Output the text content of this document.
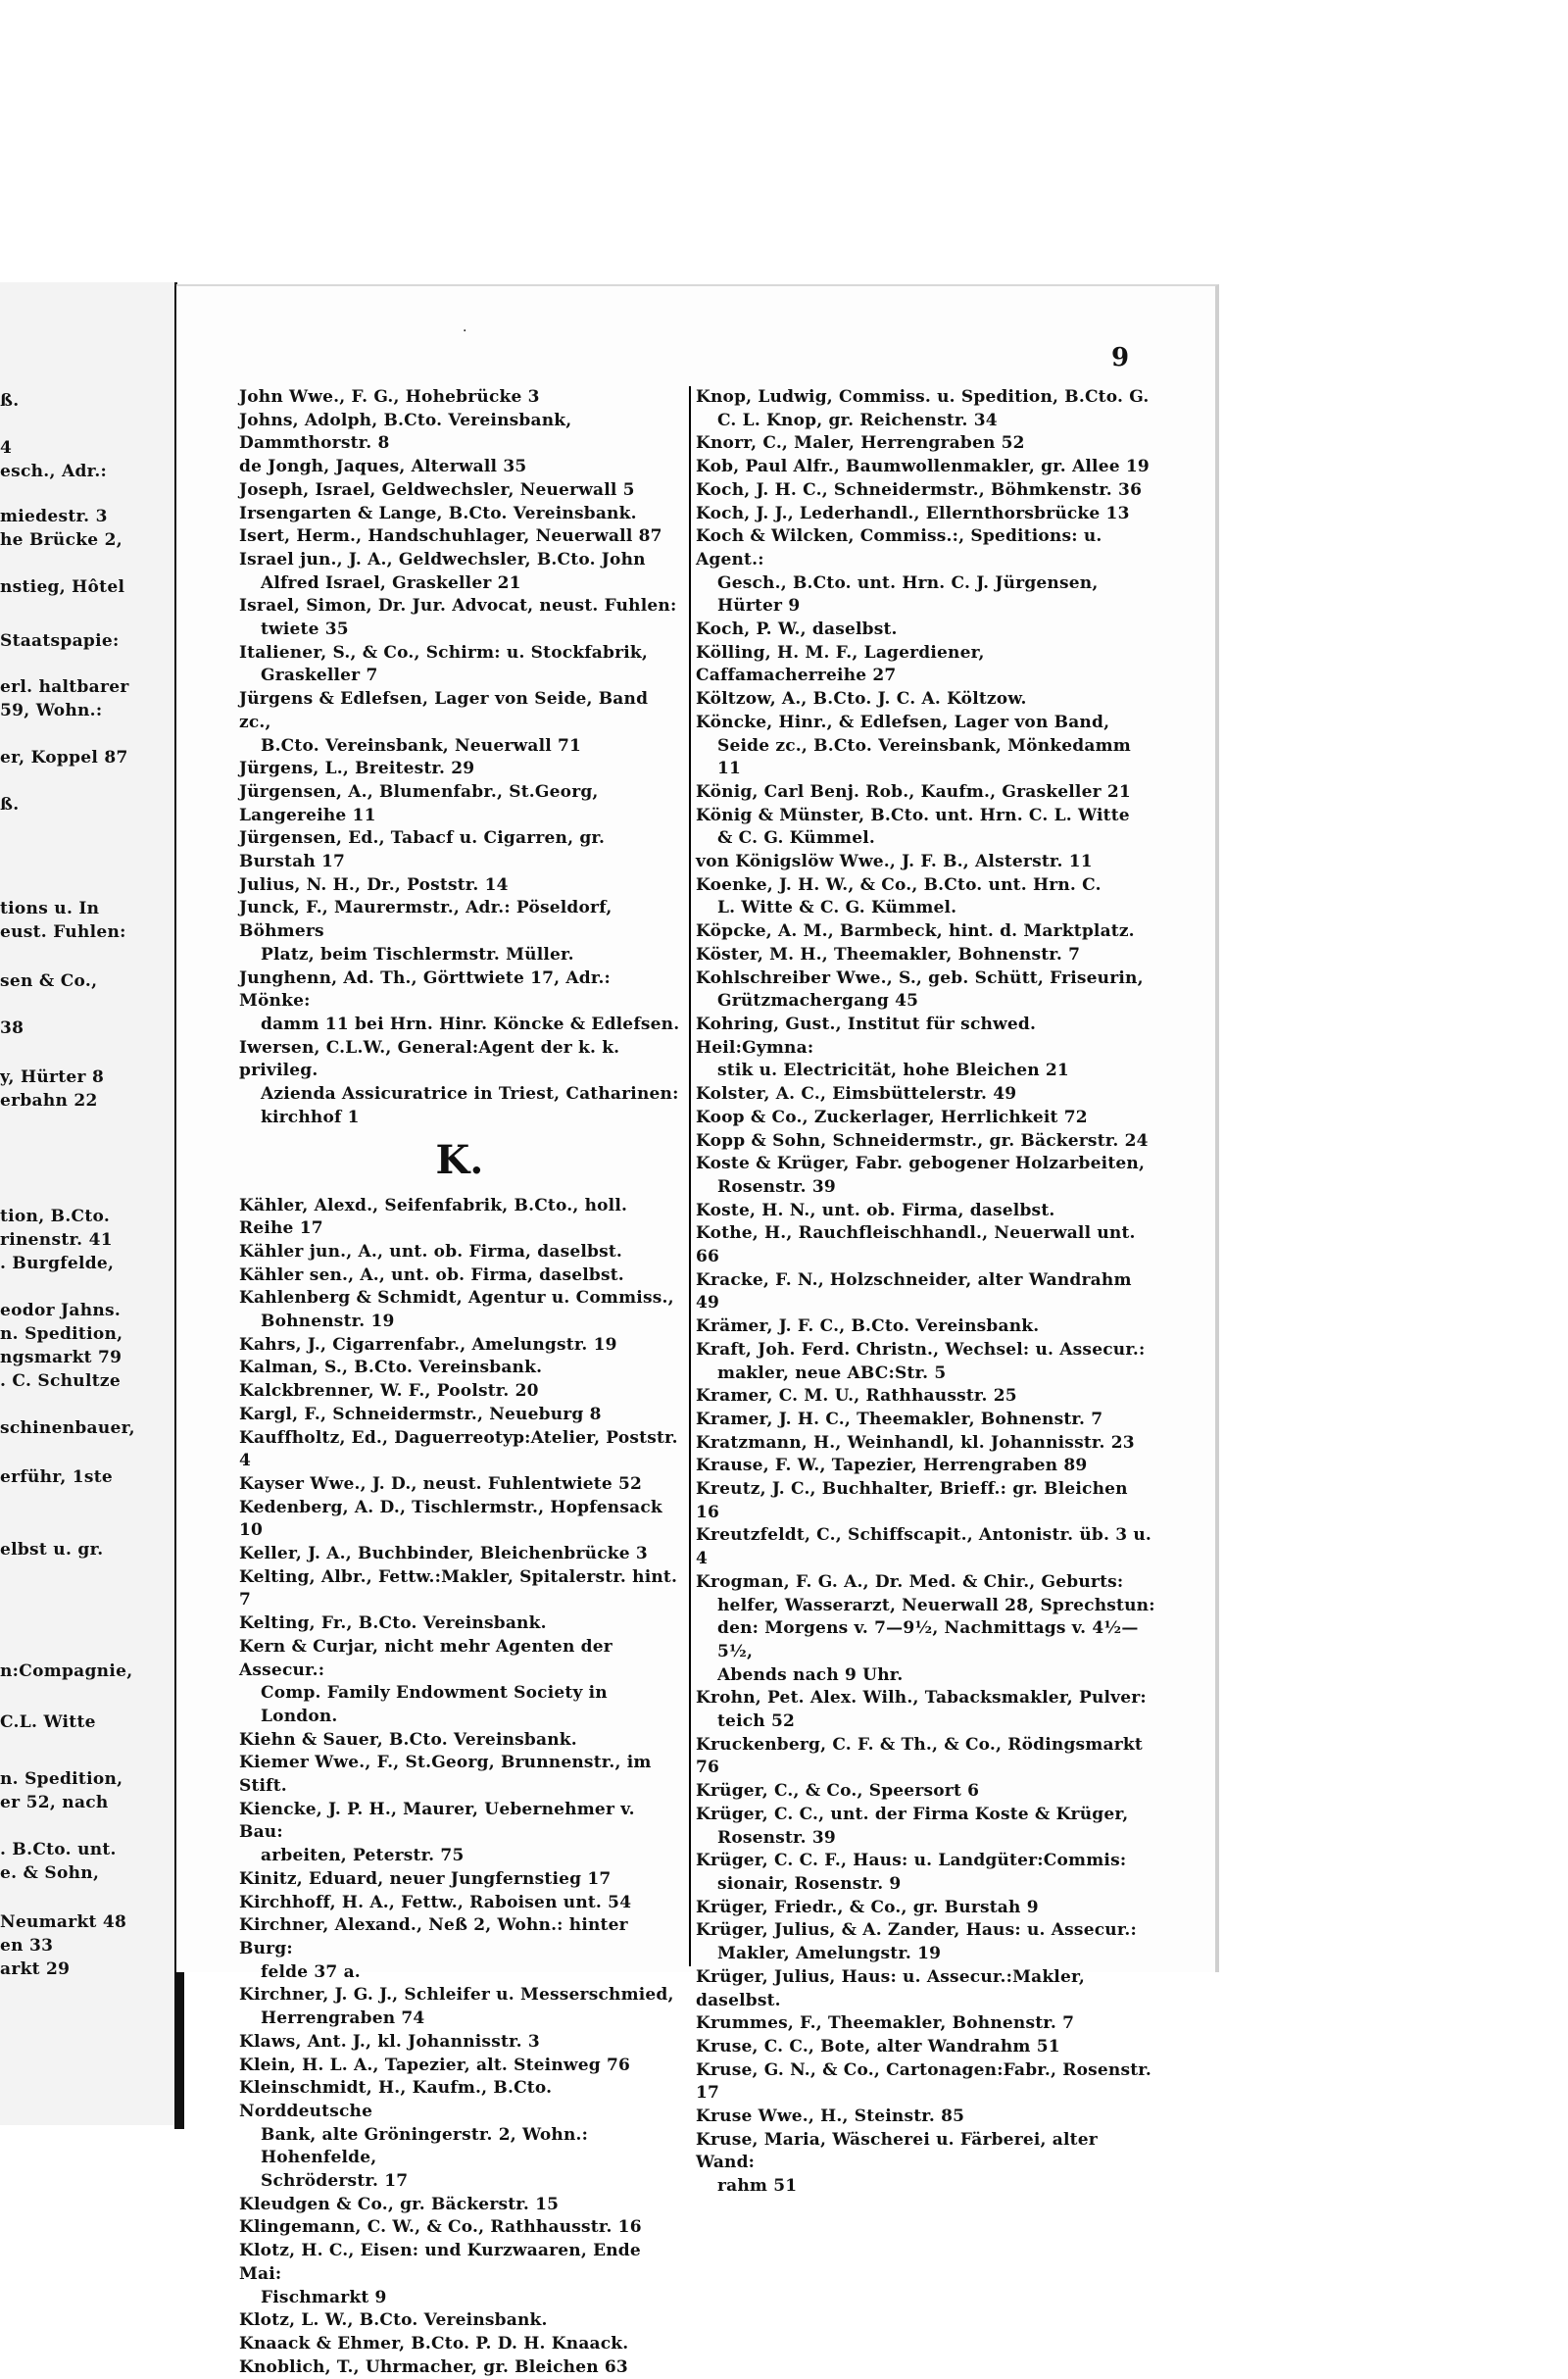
ß.
4
esch., Adr.:
miedestr. 3
he Brücke 2,
nstieg, Hôtel
Staatspapie:
erl. haltbarer
59, Wohn.:
er, Koppel 87
ß.
tions u. In
eust. Fuhlen:
sen & Co.,
38
y, Hürter 8
erbahn 22
tion, B.Cto.
rinenstr. 41
. Burgfelde,
eodor Jahns.
n. Spedition,
ngsmarkt 79
. C. Schultze
schinenbauer,
erführ, 1ste
elbst u. gr.
n:Compagnie,
C.L. Witte
n. Spedition,
er 52, nach
. B.Cto. unt.
e. & Sohn,
Neumarkt 48
en 33
arkt 29
9
·
John Wwe., F. G., Hohebrücke 3
Johns, Adolph, B.Cto. Vereinsbank, Dammthorstr. 8
de Jongh, Jaques, Alterwall 35
Joseph, Israel, Geldwechsler, Neuerwall 5
Irsengarten & Lange, B.Cto. Vereinsbank.
Isert, Herm., Handschuhlager, Neuerwall 87
Israel jun., J. A., Geldwechsler, B.Cto. John
Alfred Israel, Graskeller 21
Israel, Simon, Dr. Jur. Advocat, neust. Fuhlen:
twiete 35
Italiener, S., & Co., Schirm: u. Stockfabrik,
Graskeller 7
Jürgens & Edlefsen, Lager von Seide, Band zc.,
B.Cto. Vereinsbank, Neuerwall 71
Jürgens, L., Breitestr. 29
Jürgensen, A., Blumenfabr., St.Georg, Langereihe 11
Jürgensen, Ed., Tabacf u. Cigarren, gr. Burstah 17
Julius, N. H., Dr., Poststr. 14
Junck, F., Maurermstr., Adr.: Pöseldorf, Böhmers
Platz, beim Tischlermstr. Müller.
Junghenn, Ad. Th., Görttwiete 17, Adr.: Mönke:
damm 11 bei Hrn. Hinr. Köncke & Edlefsen.
Iwersen, C.L.W., General:Agent der k. k. privileg.
Azienda Assicuratrice in Triest, Catharinen:
kirchhof 1
K.
Kähler, Alexd., Seifenfabrik, B.Cto., holl. Reihe 17
Kähler jun., A., unt. ob. Firma, daselbst.
Kähler sen., A., unt. ob. Firma, daselbst.
Kahlenberg & Schmidt, Agentur u. Commiss.,
Bohnenstr. 19
Kahrs, J., Cigarrenfabr., Amelungstr. 19
Kalman, S., B.Cto. Vereinsbank.
Kalckbrenner, W. F., Poolstr. 20
Kargl, F., Schneidermstr., Neueburg 8
Kauffholtz, Ed., Daguerreotyp:Atelier, Poststr. 4
Kayser Wwe., J. D., neust. Fuhlentwiete 52
Kedenberg, A. D., Tischlermstr., Hopfensack 10
Keller, J. A., Buchbinder, Bleichenbrücke 3
Kelting, Albr., Fettw.:Makler, Spitalerstr. hint. 7
Kelting, Fr., B.Cto. Vereinsbank.
Kern & Curjar, nicht mehr Agenten der Assecur.:
Comp. Family Endowment Society in London.
Kiehn & Sauer, B.Cto. Vereinsbank.
Kiemer Wwe., F., St.Georg, Brunnenstr., im Stift.
Kiencke, J. P. H., Maurer, Uebernehmer v. Bau:
arbeiten, Peterstr. 75
Kinitz, Eduard, neuer Jungfernstieg 17
Kirchhoff, H. A., Fettw., Raboisen unt. 54
Kirchner, Alexand., Neß 2, Wohn.: hinter Burg:
felde 37 a.
Kirchner, J. G. J., Schleifer u. Messerschmied,
Herrengraben 74
Klaws, Ant. J., kl. Johannisstr. 3
Klein, H. L. A., Tapezier, alt. Steinweg 76
Kleinschmidt, H., Kaufm., B.Cto. Norddeutsche
Bank, alte Gröningerstr. 2, Wohn.: Hohenfelde,
Schröderstr. 17
Kleudgen & Co., gr. Bäckerstr. 15
Klingemann, C. W., & Co., Rathhausstr. 16
Klotz, H. C., Eisen: und Kurzwaaren, Ende Mai:
Fischmarkt 9
Klotz, L. W., B.Cto. Vereinsbank.
Knaack & Ehmer, B.Cto. P. D. H. Knaack.
Knoblich, T., Uhrmacher, gr. Bleichen 63
Knop, Ludwig, Commiss. u. Spedition, B.Cto. G.
C. L. Knop, gr. Reichenstr. 34
Knorr, C., Maler, Herrengraben 52
Kob, Paul Alfr., Baumwollenmakler, gr. Allee 19
Koch, J. H. C., Schneidermstr., Böhmkenstr. 36
Koch, J. J., Lederhandl., Ellernthorsbrücke 13
Koch & Wilcken, Commiss.:, Speditions: u. Agent.:
Gesch., B.Cto. unt. Hrn. C. J. Jürgensen,
Hürter 9
Koch, P. W., daselbst.
Kölling, H. M. F., Lagerdiener, Caffamacherreihe 27
Költzow, A., B.Cto. J. C. A. Költzow.
Köncke, Hinr., & Edlefsen, Lager von Band,
Seide zc., B.Cto. Vereinsbank, Mönkedamm 11
König, Carl Benj. Rob., Kaufm., Graskeller 21
König & Münster, B.Cto. unt. Hrn. C. L. Witte
& C. G. Kümmel.
von Königslöw Wwe., J. F. B., Alsterstr. 11
Koenke, J. H. W., & Co., B.Cto. unt. Hrn. C.
L. Witte & C. G. Kümmel.
Köpcke, A. M., Barmbeck, hint. d. Marktplatz.
Köster, M. H., Theemakler, Bohnenstr. 7
Kohlschreiber Wwe., S., geb. Schütt, Friseurin,
Grützmachergang 45
Kohring, Gust., Institut für schwed. Heil:Gymna:
stik u. Electricität, hohe Bleichen 21
Kolster, A. C., Eimsbüttelerstr. 49
Koop & Co., Zuckerlager, Herrlichkeit 72
Kopp & Sohn, Schneidermstr., gr. Bäckerstr. 24
Koste & Krüger, Fabr. gebogener Holzarbeiten,
Rosenstr. 39
Koste, H. N., unt. ob. Firma, daselbst.
Kothe, H., Rauchfleischhandl., Neuerwall unt. 66
Kracke, F. N., Holzschneider, alter Wandrahm 49
Krämer, J. F. C., B.Cto. Vereinsbank.
Kraft, Joh. Ferd. Christn., Wechsel: u. Assecur.:
makler, neue ABC:Str. 5
Kramer, C. M. U., Rathhausstr. 25
Kramer, J. H. C., Theemakler, Bohnenstr. 7
Kratzmann, H., Weinhandl, kl. Johannisstr. 23
Krause, F. W., Tapezier, Herrengraben 89
Kreutz, J. C., Buchhalter, Brieff.: gr. Bleichen 16
Kreutzfeldt, C., Schiffscapit., Antonistr. üb. 3 u. 4
Krogman, F. G. A., Dr. Med. & Chir., Geburts:
helfer, Wasserarzt, Neuerwall 28, Sprechstun:
den: Morgens v. 7—9½, Nachmittags v. 4½—5½,
Abends nach 9 Uhr.
Krohn, Pet. Alex. Wilh., Tabacksmakler, Pulver:
teich 52
Kruckenberg, C. F. & Th., & Co., Rödingsmarkt 76
Krüger, C., & Co., Speersort 6
Krüger, C. C., unt. der Firma Koste & Krüger,
Rosenstr. 39
Krüger, C. C. F., Haus: u. Landgüter:Commis:
sionair, Rosenstr. 9
Krüger, Friedr., & Co., gr. Burstah 9
Krüger, Julius, & A. Zander, Haus: u. Assecur.:
Makler, Amelungstr. 19
Krüger, Julius, Haus: u. Assecur.:Makler, daselbst.
Krummes, F., Theemakler, Bohnenstr. 7
Kruse, C. C., Bote, alter Wandrahm 51
Kruse, G. N., & Co., Cartonagen:Fabr., Rosenstr. 17
Kruse Wwe., H., Steinstr. 85
Kruse, Maria, Wäscherei u. Färberei, alter Wand:
rahm 51
